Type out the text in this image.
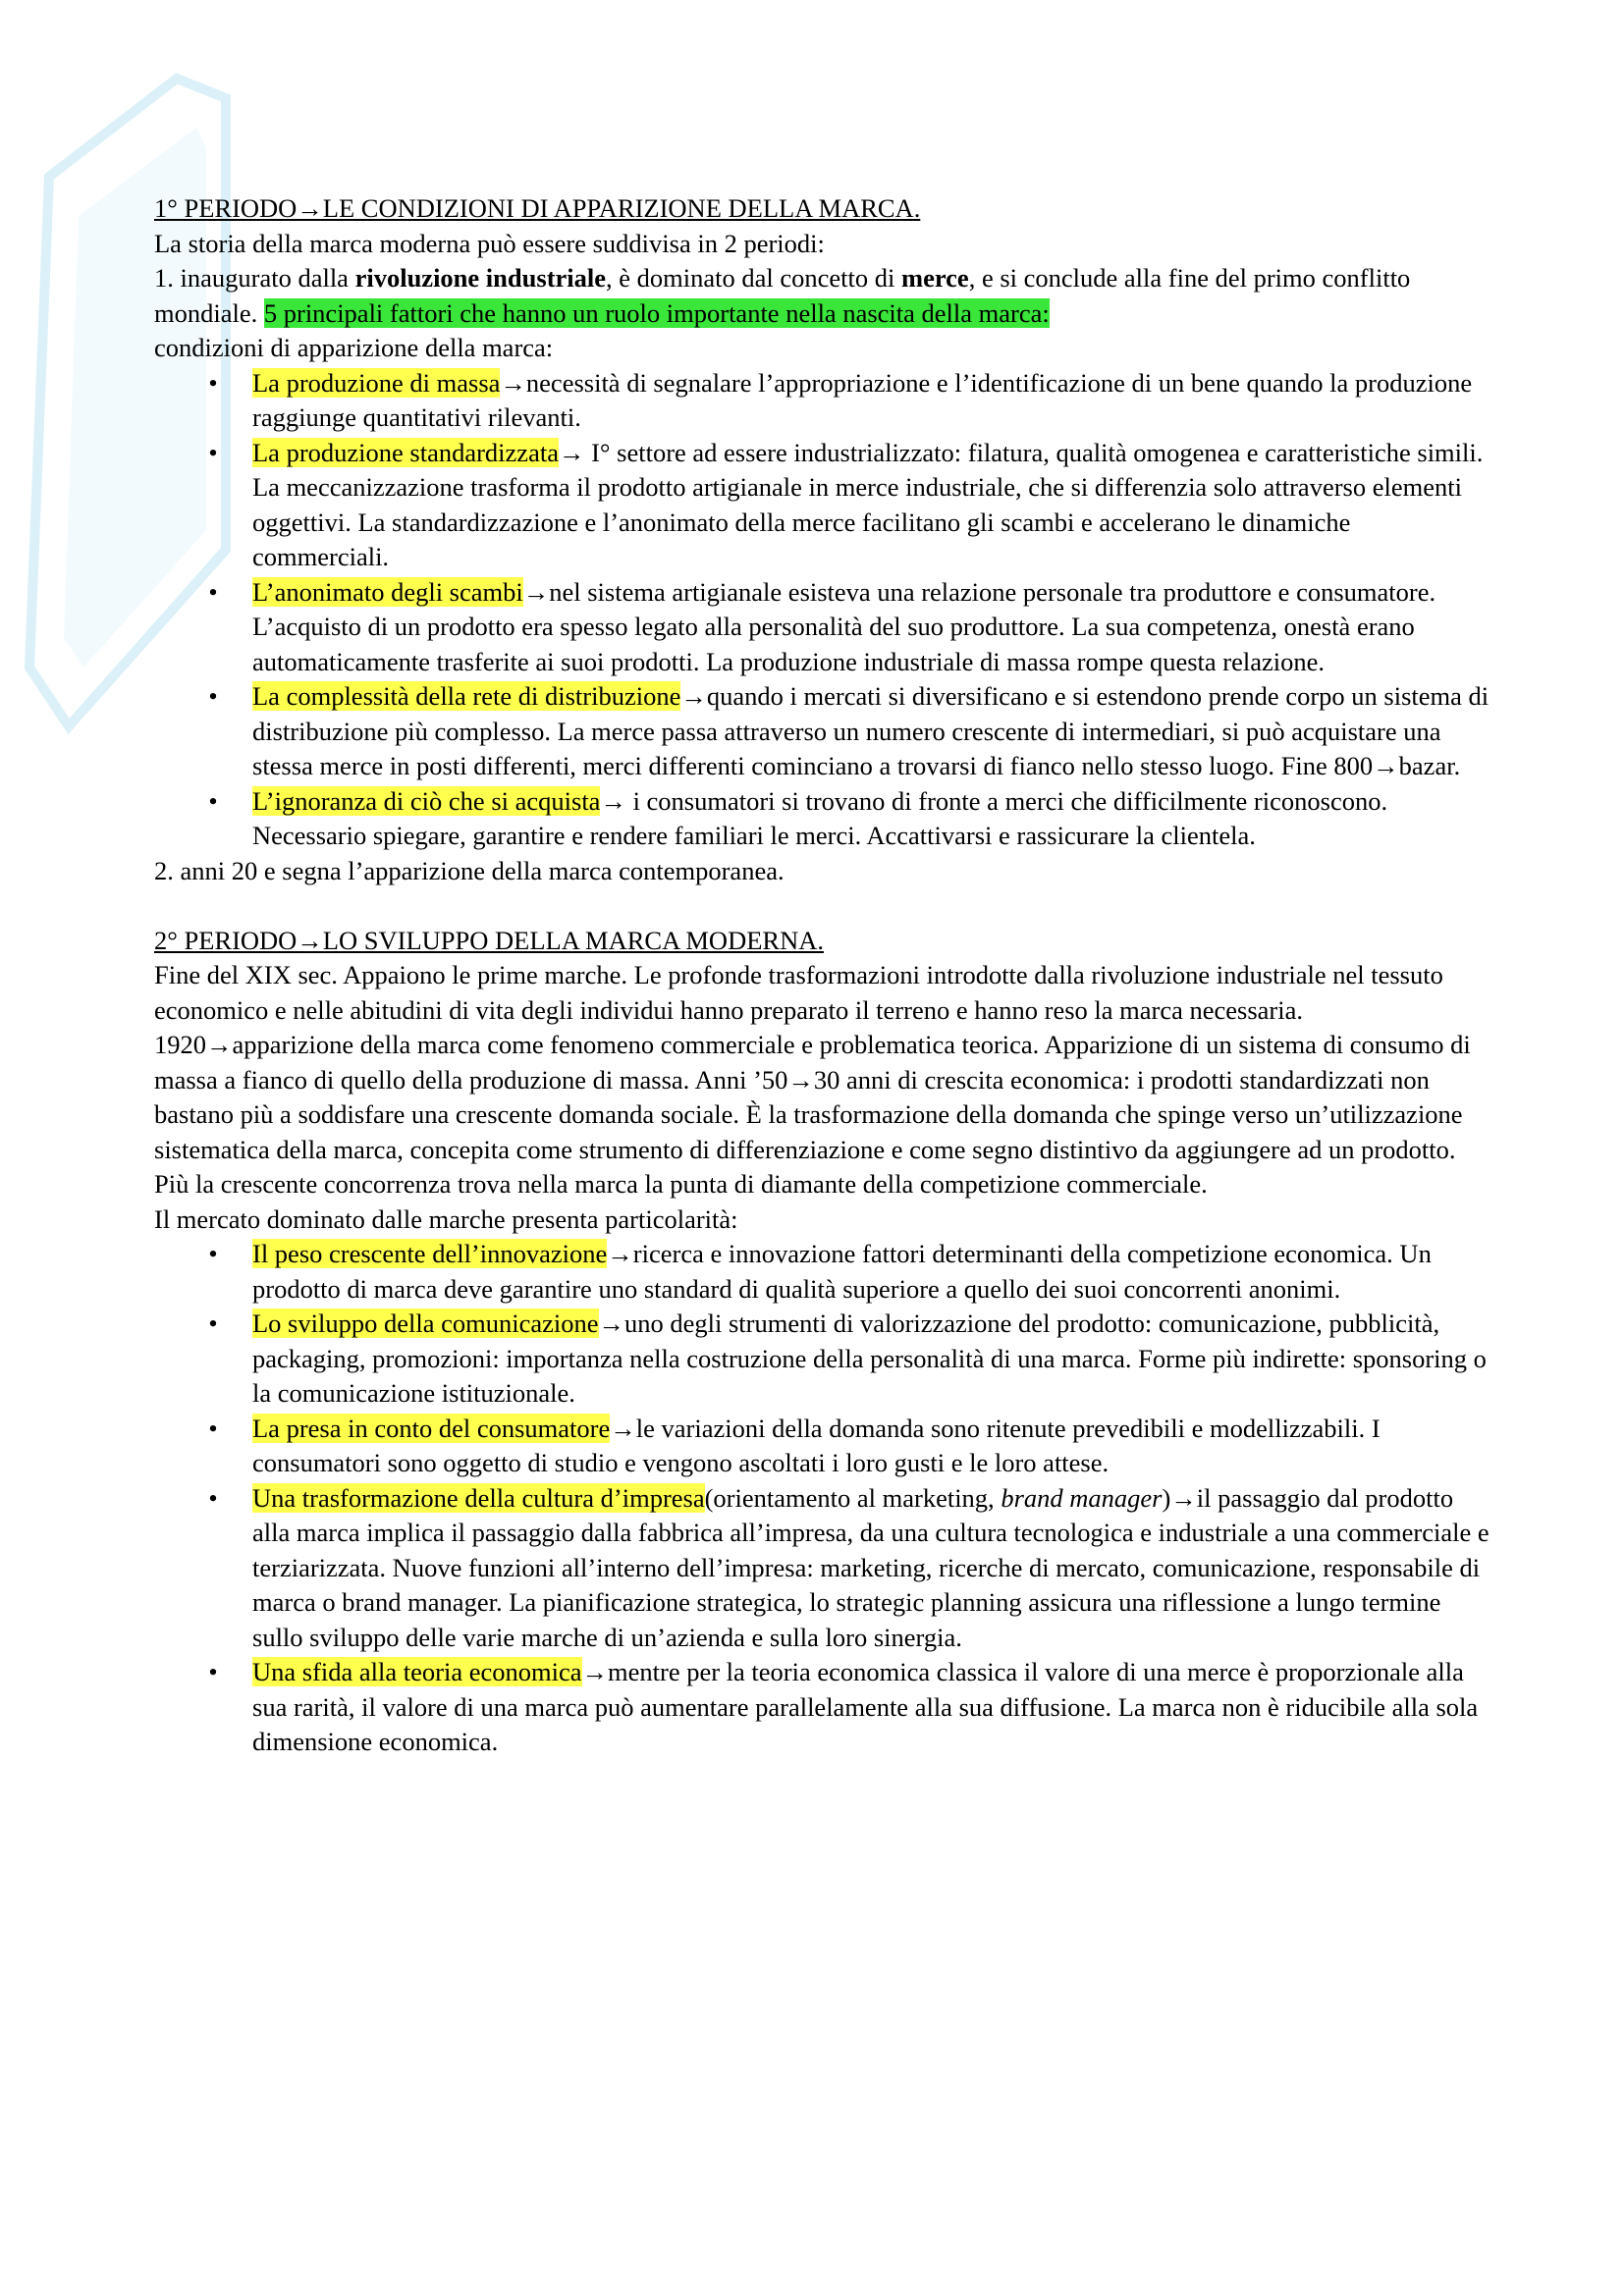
1° PERIODO→LE CONDIZIONI DI APPARIZIONE DELLA MARCA.

La storia della marca moderna può essere suddivisa in 2 periodi:

1. inaugurato dalla rivoluzione industriale, è dominato dal concetto di merce, e si conclude alla fine del primo conflitto mondiale. 5 principali fattori che hanno un ruolo importante nella nascita della marca:

condizioni di apparizione della marca:

• La produzione di massa→necessità di segnalare l’appropriazione e l’identificazione di un bene quando la produzione raggiunge quantitativi rilevanti.
• La produzione standardizzata→ I° settore ad essere industrializzato: filatura, qualità omogenea e caratteristiche simili. La meccanizzazione trasforma il prodotto artigianale in merce industriale, che si differenzia solo attraverso elementi oggettivi. La standardizzazione e l’anonimato della merce facilitano gli scambi e accelerano le dinamiche commerciali.
• L’anonimato degli scambi→nel sistema artigianale esisteva una relazione personale tra produttore e consumatore. L’acquisto di un prodotto era spesso legato alla personalità del suo produttore. La sua competenza, onestà erano automaticamente trasferite ai suoi prodotti. La produzione industriale di massa rompe questa relazione.
• La complessità della rete di distribuzione→quando i mercati si diversificano e si estendono prende corpo un sistema di distribuzione più complesso. La merce passa attraverso un numero crescente di intermediari, si può acquistare una stessa merce in posti differenti, merci differenti cominciano a trovarsi di fianco nello stesso luogo. Fine 800→bazar.
• L’ignoranza di ciò che si acquista→ i consumatori si trovano di fronte a merci che difficilmente riconoscono. Necessario spiegare, garantire e rendere familiari le merci. Accattivarsi e rassicurare la clientela.

2. anni 20 e segna l’apparizione della marca contemporanea.

2° PERIODO→LO SVILUPPO DELLA MARCA MODERNA.

Fine del XIX sec. Appaiono le prime marche. Le profonde trasformazioni introdotte dalla rivoluzione industriale nel tessuto economico e nelle abitudini di vita degli individui hanno preparato il terreno e hanno reso la marca necessaria. 1920→apparizione della marca come fenomeno commerciale e problematica teorica. Apparizione di un sistema di consumo di massa a fianco di quello della produzione di massa. Anni ’50→30 anni di crescita economica: i prodotti standardizzati non bastano più a soddisfare una crescente domanda sociale. È la trasformazione della domanda che spinge verso un’utilizzazione sistematica della marca, concepita come strumento di differenziazione e come segno distintivo da aggiungere ad un prodotto. Più la crescente concorrenza trova nella marca la punta di diamante della competizione commerciale.

Il mercato dominato dalle marche presenta particolarità:

• Il peso crescente dell’innovazione→ricerca e innovazione fattori determinanti della competizione economica. Un prodotto di marca deve garantire uno standard di qualità superiore a quello dei suoi concorrenti anonimi.
• Lo sviluppo della comunicazione→uno degli strumenti di valorizzazione del prodotto: comunicazione, pubblicità, packaging, promozioni: importanza nella costruzione della personalità di una marca. Forme più indirette: sponsoring o la comunicazione istituzionale.
• La presa in conto del consumatore→le variazioni della domanda sono ritenute prevedibili e modellizzabili. I consumatori sono oggetto di studio e vengono ascoltati i loro gusti e le loro attese.
• Una trasformazione della cultura d’impresa(orientamento al marketing, brand manager)→il passaggio dal prodotto alla marca implica il passaggio dalla fabbrica all’impresa, da una cultura tecnologica e industriale a una commerciale e terziarizzata. Nuove funzioni all’interno dell’impresa: marketing, ricerche di mercato, comunicazione, responsabile di marca o brand manager. La pianificazione strategica, lo strategic planning assicura una riflessione a lungo termine sullo sviluppo delle varie marche di un’azienda e sulla loro sinergia.
• Una sfida alla teoria economica→mentre per la teoria economica classica il valore di una merce è proporzionale alla sua rarità, il valore di una marca può aumentare parallelamente alla sua diffusione. La marca non è riducibile alla sola dimensione economica.
